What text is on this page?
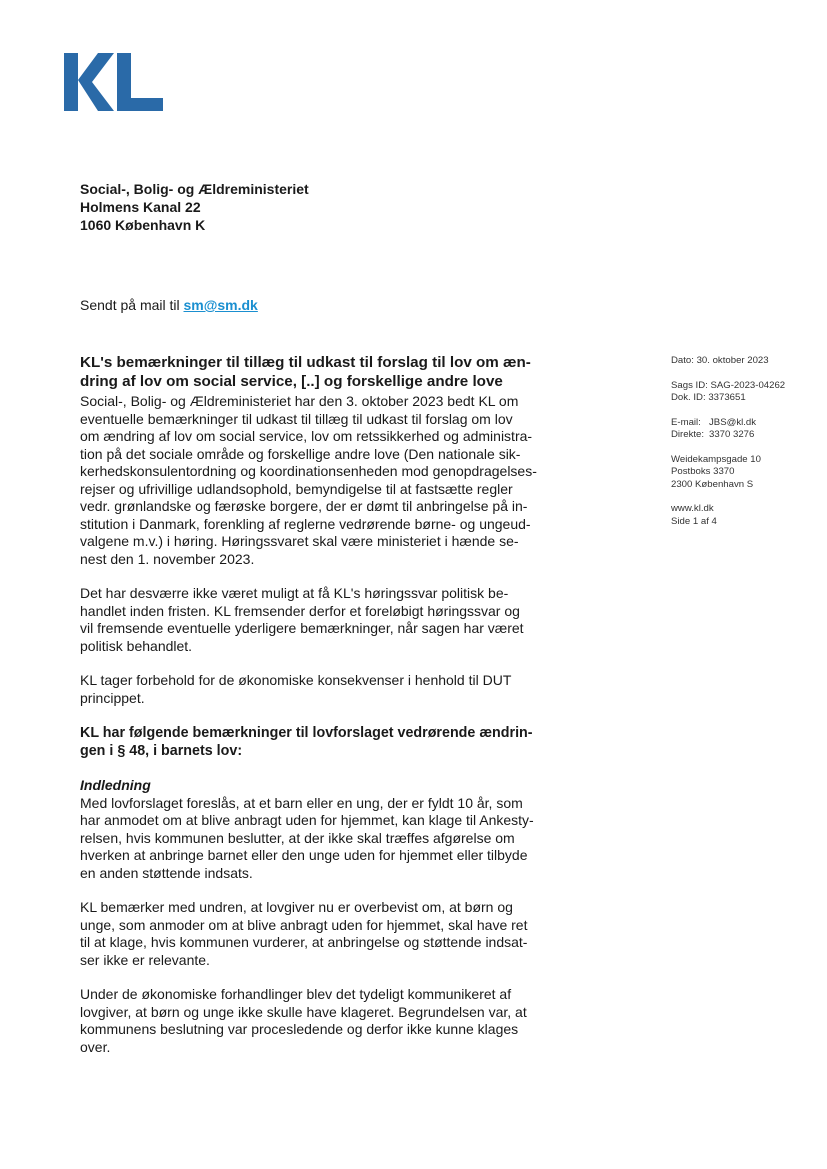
Social-, Bolig- og Ældreministeriet
Holmens Kanal 22
1060 København K
Sendt på mail til sm@sm.dk
KL's bemærkninger til tillæg til udkast til forslag til lov om æn-
dring af lov om social service, [..] og forskellige andre love

Social-, Bolig- og Ældreministeriet har den 3. oktober 2023 bedt KL om
eventuelle bemærkninger til udkast til tillæg til udkast til forslag om lov
om ændring af lov om social service, lov om retssikkerhed og administra-
tion på det sociale område og forskellige andre love (Den nationale sik-
kerhedskonsulentordning og koordinationsenheden mod genopdragelses-
rejser og ufrivillige udlandsophold, bemyndigelse til at fastsætte regler
vedr. grønlandske og færøske borgere, der er dømt til anbringelse på in-
stitution i Danmark, forenkling af reglerne vedrørende børne- og ungeud-
valgene m.v.) i høring. Høringssvaret skal være ministeriet i hænde se-
nest den 1. november 2023.

Det har desværre ikke været muligt at få KL's høringssvar politisk be-
handlet inden fristen. KL fremsender derfor et foreløbigt høringssvar og
vil fremsende eventuelle yderligere bemærkninger, når sagen har været
politisk behandlet.

KL tager forbehold for de økonomiske konsekvenser i henhold til DUT
princippet.

KL har følgende bemærkninger til lovforslaget vedrørende ændrin-
gen i § 48, i barnets lov:

Indledning
Med lovforslaget foreslås, at et barn eller en ung, der er fyldt 10 år, som
har anmodet om at blive anbragt uden for hjemmet, kan klage til Ankesty-
relsen, hvis kommunen beslutter, at der ikke skal træffes afgørelse om
hverken at anbringe barnet eller den unge uden for hjemmet eller tilbyde
en anden støttende indsats.

KL bemærker med undren, at lovgiver nu er overbevist om, at børn og
unge, som anmoder om at blive anbragt uden for hjemmet, skal have ret
til at klage, hvis kommunen vurderer, at anbringelse og støttende indsat-
ser ikke er relevante.

Under de økonomiske forhandlinger blev det tydeligt kommunikeret af
lovgiver, at børn og unge ikke skulle have klageret. Begrundelsen var, at
kommunens beslutning var procesledende og derfor ikke kunne klages
over.

Dato: 30. oktober 2023

Sags ID: SAG-2023-04262

Dok. ID: 3373651

E-mail: JBS@kl.dk

Direkte: 3370 3276

Weidekampsgade 10

Postboks 3370

2300 København S

www.kl.dk

Side 1 af 4
